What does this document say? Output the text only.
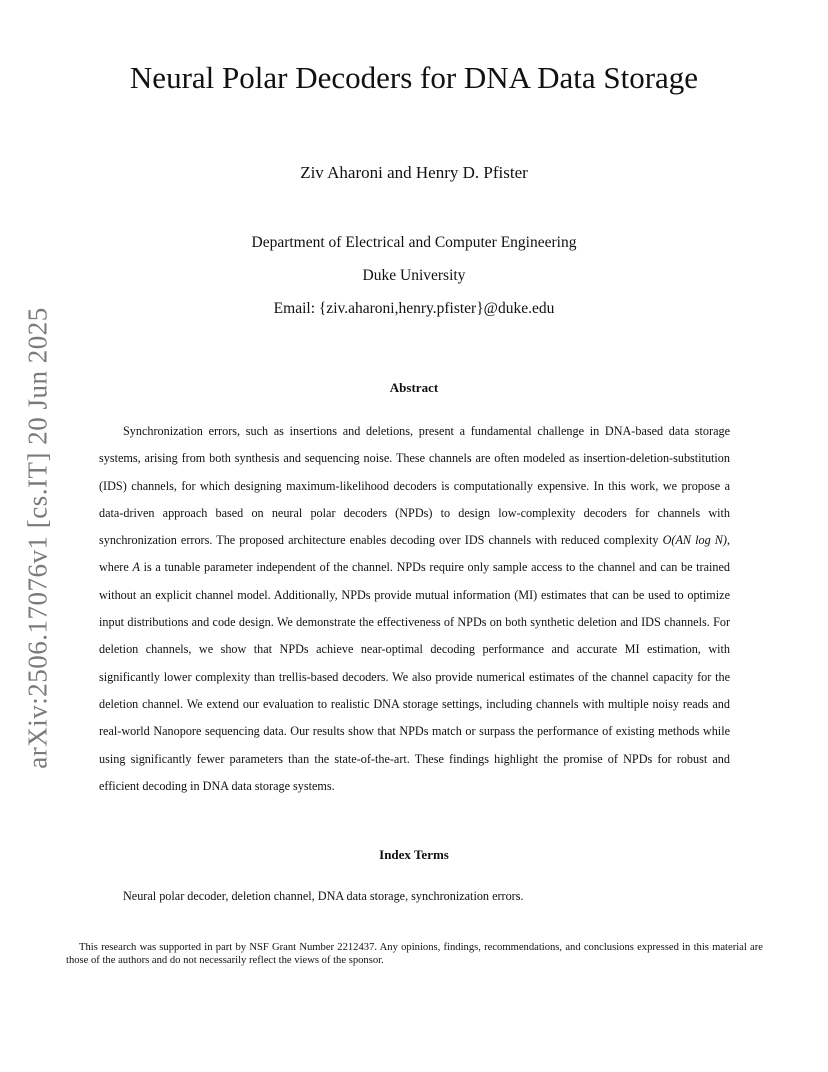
arXiv:2506.17076v1 [cs.IT] 20 Jun 2025
Neural Polar Decoders for DNA Data Storage
Ziv Aharoni and Henry D. Pfister
Department of Electrical and Computer Engineering
Duke University
Email: {ziv.aharoni,henry.pfister}@duke.edu
Abstract

Synchronization errors, such as insertions and deletions, present a fundamental challenge in DNA-based data storage systems, arising from both synthesis and sequencing noise. These channels are often modeled as insertion-deletion-substitution (IDS) channels, for which designing maximum-likelihood decoders is computationally expensive. In this work, we propose a data-driven approach based on neural polar decoders (NPDs) to design low-complexity decoders for channels with synchronization errors. The proposed architecture enables decoding over IDS channels with reduced complexity O(AN log N), where A is a tunable parameter independent of the channel. NPDs require only sample access to the channel and can be trained without an explicit channel model. Additionally, NPDs provide mutual information (MI) estimates that can be used to optimize input distributions and code design. We demonstrate the effectiveness of NPDs on both synthetic deletion and IDS channels. For deletion channels, we show that NPDs achieve near-optimal decoding performance and accurate MI estimation, with significantly lower complexity than trellis-based decoders. We also provide numerical estimates of the channel capacity for the deletion channel. We extend our evaluation to realistic DNA storage settings, including channels with multiple noisy reads and real-world Nanopore sequencing data. Our results show that NPDs match or surpass the performance of existing methods while using significantly fewer parameters than the state-of-the-art. These findings highlight the promise of NPDs for robust and efficient decoding in DNA data storage systems.

Index Terms
Neural polar decoder, deletion channel, DNA data storage, synchronization errors.

This research was supported in part by NSF Grant Number 2212437. Any opinions, findings, recommendations, and conclusions expressed in this material are those of the authors and do not necessarily reflect the views of the sponsor.
